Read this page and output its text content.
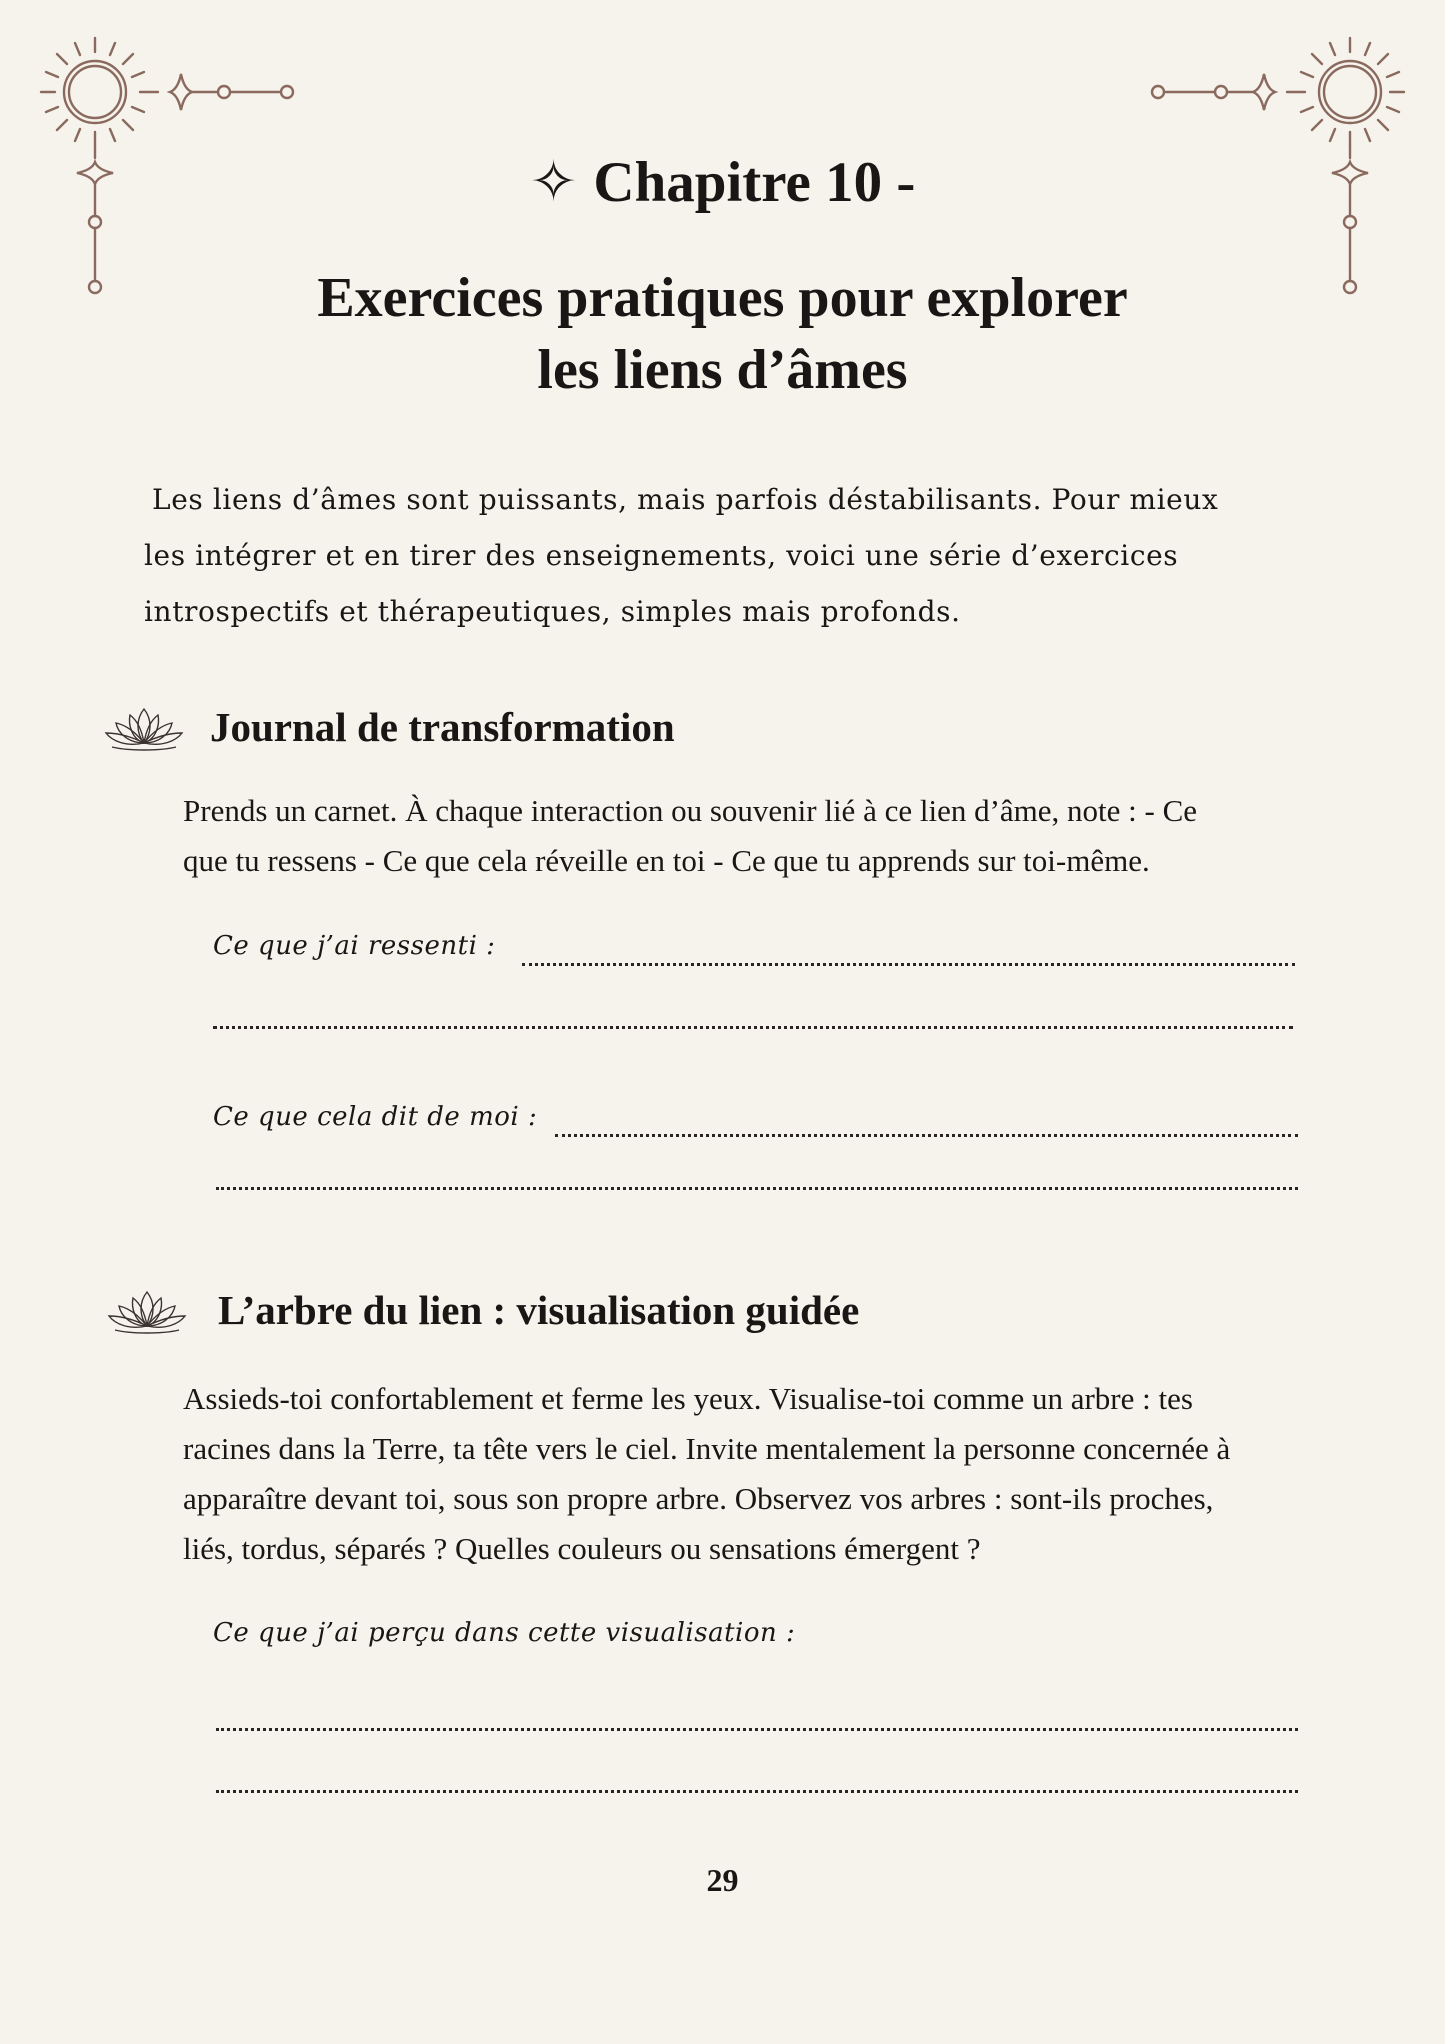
✧ Chapitre 10 -
Exercices pratiques pour explorer
les liens d’âmes
Les liens d’âmes sont puissants, mais parfois déstabilisants. Pour mieux
les intégrer et en tirer des enseignements, voici une série d’exercices
introspectifs et thérapeutiques, simples mais profonds.
Journal de transformation
Prends un carnet. À chaque interaction ou souvenir lié à ce lien d’âme, note : - Ce
que tu ressens - Ce que cela réveille en toi - Ce que tu apprends sur toi-même.
Ce que j’ai ressenti :
Ce que cela dit de moi :
L’arbre du lien : visualisation guidée
Assieds-toi confortablement et ferme les yeux. Visualise-toi comme un arbre : tes
racines dans la Terre, ta tête vers le ciel. Invite mentalement la personne concernée à
apparaître devant toi, sous son propre arbre. Observez vos arbres : sont-ils proches,
liés, tordus, séparés ? Quelles couleurs ou sensations émergent ?
Ce que j’ai perçu dans cette visualisation :
29
